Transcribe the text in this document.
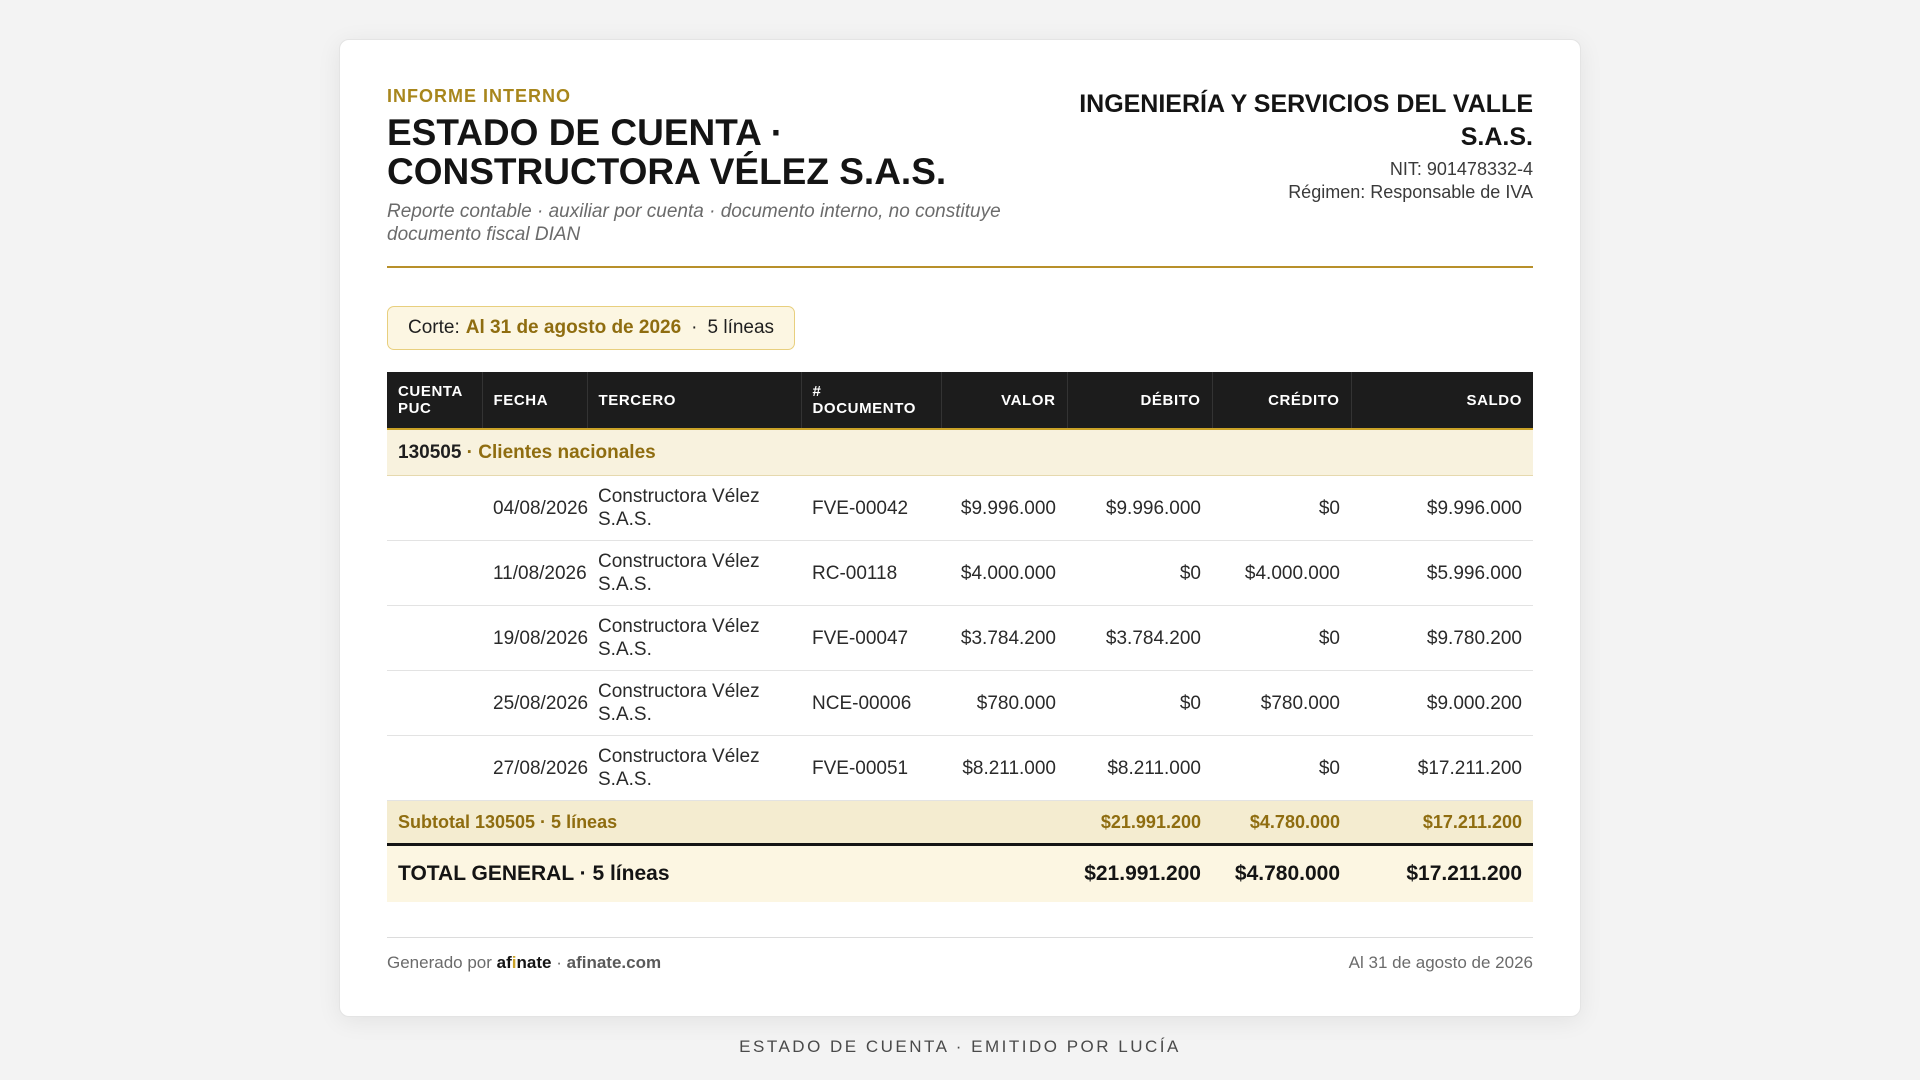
INFORME INTERNO
ESTADO DE CUENTA · CONSTRUCTORA VÉLEZ S.A.S.
Reporte contable · auxiliar por cuenta · documento interno, no constituye documento fiscal DIAN
INGENIERÍA Y SERVICIOS DEL VALLE S.A.S.
NIT: 901478332-4
Régimen: Responsable de IVA
Corte: Al 31 de agosto de 2026 · 5 líneas
CUENTA PUC	FECHA	TERCERO	# DOCUMENTO	VALOR	DÉBITO	CRÉDITO	SALDO
130505 · Clientes nacionales							
	04/08/2026	Constructora Vélez S.A.S.	FVE-00042	$9.996.000	$9.996.000	$0	$9.996.000
	11/08/2026	Constructora Vélez S.A.S.	RC-00118	$4.000.000	$0	$4.000.000	$5.996.000
	19/08/2026	Constructora Vélez S.A.S.	FVE-00047	$3.784.200	$3.784.200	$0	$9.780.200
	25/08/2026	Constructora Vélez S.A.S.	NCE-00006	$780.000	$0	$780.000	$9.000.200
	27/08/2026	Constructora Vélez S.A.S.	FVE-00051	$8.211.000	$8.211.000	$0	$17.211.200
Subtotal 130505 · 5 líneas					$21.991.200	$4.780.000	$17.211.200
TOTAL GENERAL · 5 líneas					$21.991.200	$4.780.000	$17.211.200
Generado por afinate · afinate.com	Al 31 de agosto de 2026
ESTADO DE CUENTA · EMITIDO POR LUCÍA
